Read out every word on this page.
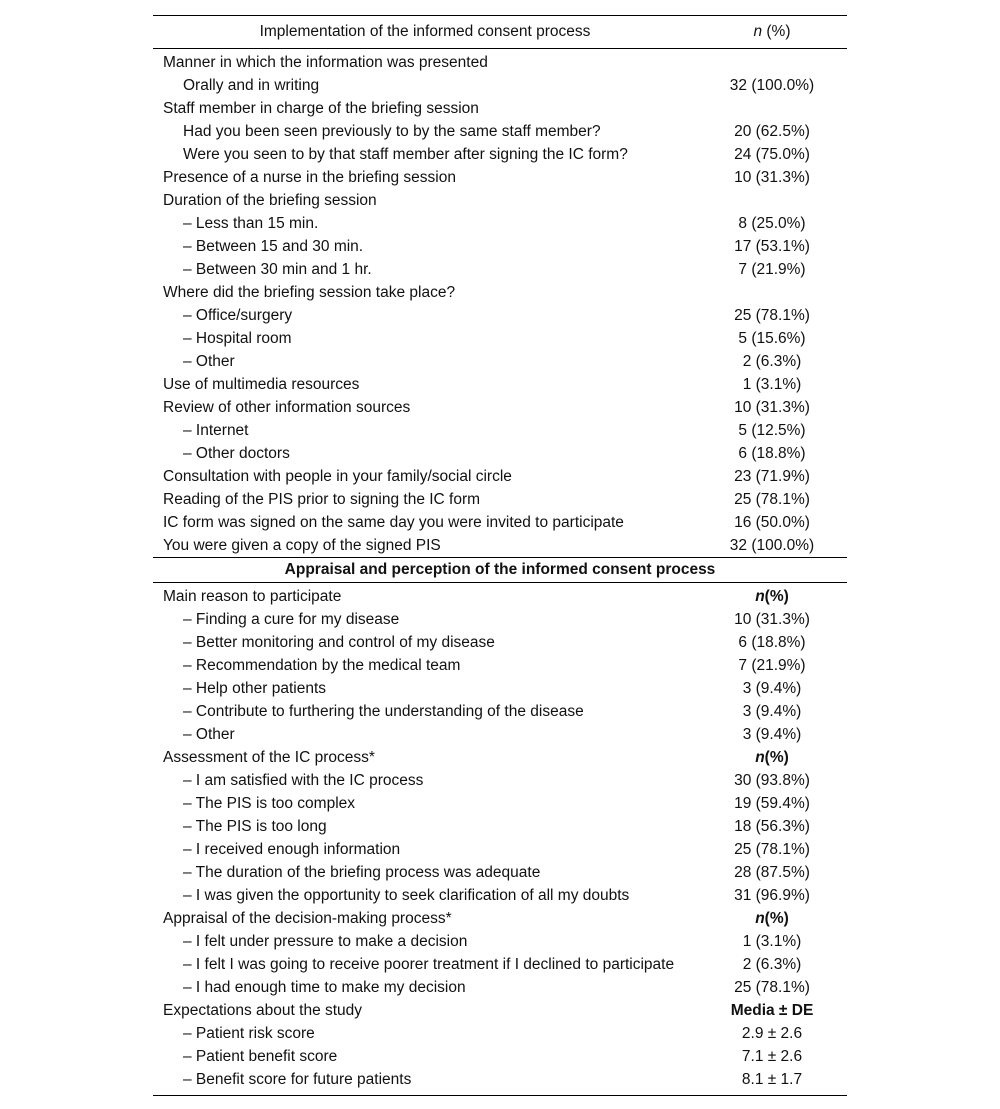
Implementation of the informed consent process	n (%)
Manner in which the information was presented	
Orally and in writing	32 (100.0%)
Staff member in charge of the briefing session	
Had you been seen previously to by the same staff member?	20 (62.5%)
Were you seen to by that staff member after signing the IC form?	24 (75.0%)
Presence of a nurse in the briefing session	10 (31.3%)
Duration of the briefing session	
– Less than 15 min.	8 (25.0%)
– Between 15 and 30 min.	17 (53.1%)
– Between 30 min and 1 hr.	7 (21.9%)
Where did the briefing session take place?	
– Office/surgery	25 (78.1%)
– Hospital room	5 (15.6%)
– Other	2 (6.3%)
Use of multimedia resources	1 (3.1%)
Review of other information sources	10 (31.3%)
– Internet	5 (12.5%)
– Other doctors	6 (18.8%)
Consultation with people in your family/social circle	23 (71.9%)
Reading of the PIS prior to signing the IC form	25 (78.1%)
IC form was signed on the same day you were invited to participate	16 (50.0%)
You were given a copy of the signed PIS	32 (100.0%)
Appraisal and perception of the informed consent process	
Main reason to participate	n(%)
– Finding a cure for my disease	10 (31.3%)
– Better monitoring and control of my disease	6 (18.8%)
– Recommendation by the medical team	7 (21.9%)
– Help other patients	3 (9.4%)
– Contribute to furthering the understanding of the disease	3 (9.4%)
– Other	3 (9.4%)
Assessment of the IC process*	n(%)
– I am satisfied with the IC process	30 (93.8%)
– The PIS is too complex	19 (59.4%)
– The PIS is too long	18 (56.3%)
– I received enough information	25 (78.1%)
– The duration of the briefing process was adequate	28 (87.5%)
– I was given the opportunity to seek clarification of all my doubts	31 (96.9%)
Appraisal of the decision-making process*	n(%)
– I felt under pressure to make a decision	1 (3.1%)
– I felt I was going to receive poorer treatment if I declined to participate	2 (6.3%)
– I had enough time to make my decision	25 (78.1%)
Expectations about the study	Media ± DE
– Patient risk score	2.9 ± 2.6
– Patient benefit score	7.1 ± 2.6
– Benefit score for future patients	8.1 ± 1.7
